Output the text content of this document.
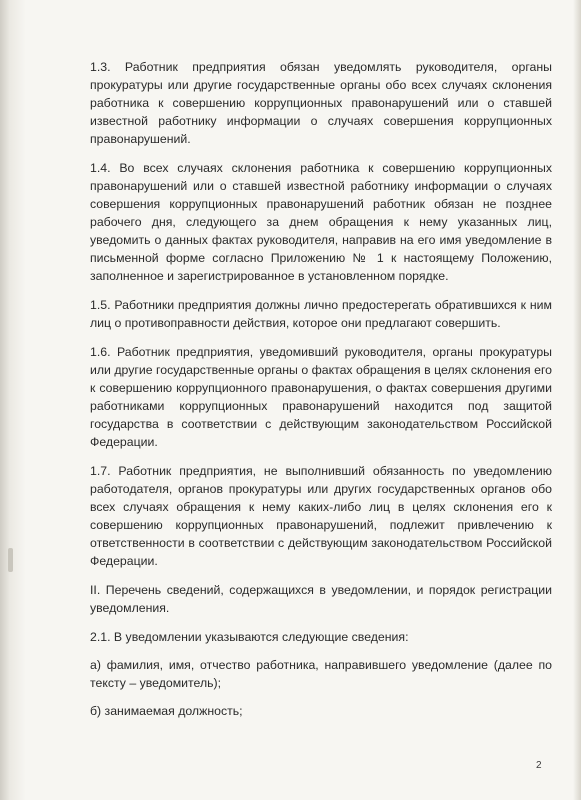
1.3. Работник предприятия обязан уведомлять руководителя, органы прокуратуры или другие государственные органы обо всех случаях склонения работника к совершению коррупционных правонарушений или о ставшей известной работнику информации о случаях совершения коррупционных правонарушений.

1.4. Во всех случаях склонения работника к совершению коррупционных правонарушений или о ставшей известной работнику информации о случаях совершения коррупционных правонарушений работник обязан не позднее рабочего дня, следующего за днем обращения к нему указанных лиц, уведомить о данных фактах руководителя, направив на его имя уведомление в письменной форме согласно Приложению № 1 к настоящему Положению, заполненное и зарегистрированное в установленном порядке.

1.5. Работники предприятия должны лично предостерегать обратившихся к ним лиц о противоправности действия, которое они предлагают совершить.

1.6. Работник предприятия, уведомивший руководителя, органы прокуратуры или другие государственные органы о фактах обращения в целях склонения его к совершению коррупционного правонарушения, о фактах совершения другими работниками коррупционных правонарушений находится под защитой государства в соответствии с действующим законодательством Российской Федерации.

1.7. Работник предприятия, не выполнивший обязанность по уведомлению работодателя, органов прокуратуры или других государственных органов обо всех случаях обращения к нему каких-либо лиц в целях склонения его к совершению коррупционных правонарушений, подлежит привлечению к ответственности в соответствии с действующим законодательством Российской Федерации.

II. Перечень сведений, содержащихся в уведомлении, и порядок регистрации уведомления.

2.1. В уведомлении указываются следующие сведения:

а) фамилия, имя, отчество работника, направившего уведомление (далее по тексту – уведомитель);

б) занимаемая должность;

2
